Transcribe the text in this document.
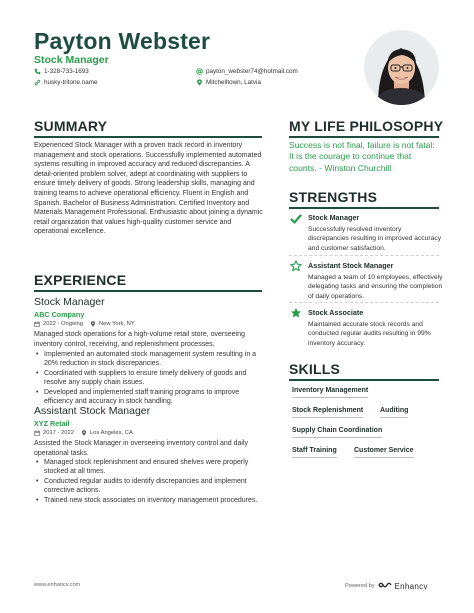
Payton Webster
Stock Manager
1-328-733-1693
husky-tritone.name
payton_webster74@hotmail.com
Mitchelltown, Latvia
SUMMARY
Experienced Stock Manager with a proven track record in inventory management and stock operations. Successfully implemented automated systems resulting in improved accuracy and reduced discrepancies. A detail-oriented problem solver, adept at coordinating with suppliers to ensure timely delivery of goods. Strong leadership skills, managing and training teams to achieve operational efficiency. Fluent in English and Spanish. Bachelor of Business Administration. Certified Inventory and Materials Management Professional. Enthusiastic about joining a dynamic retail organization that values high-quality customer service and operational excellence.
EXPERIENCE
Stock Manager
ABC Company
2022 - Ongoing	New York, NY
Managed stock operations for a high-volume retail store, overseeing inventory control, receiving, and replenishment processes.
• Implemented an automated stock management system resulting in a 20% reduction in stock discrepancies.
• Coordinated with suppliers to ensure timely delivery of goods and resolve any supply chain issues.
• Developed and implemented staff training programs to improve efficiency and accuracy in stock handling.
Assistant Stock Manager
XYZ Retail
2017 - 2022	Los Angeles, CA
Assisted the Stock Manager in overseeing inventory control and daily operational tasks.
• Managed stock replenishment and ensured shelves were properly stocked at all times.
• Conducted regular audits to identify discrepancies and implement corrective actions.
• Trained new stock associates on inventory management procedures.
MY LIFE PHILOSOPHY
Success is not final, failure is not fatal: It is the courage to continue that counts. - Winston Churchill
STRENGTHS
Stock Manager
Successfully resolved inventory discrepancies resulting in improved accuracy and customer satisfaction.
Assistant Stock Manager
Managed a team of 10 employees, effectively delegating tasks and ensuring the completion of daily operations.
Stock Associate
Maintained accurate stock records and conducted regular audits resulting in 99% inventory accuracy.
SKILLS
Inventory Management
Stock Replenishment Auditing
Supply Chain Coordination
Staff Training Customer Service
www.enhancv.com	Powered by	Enhancv
